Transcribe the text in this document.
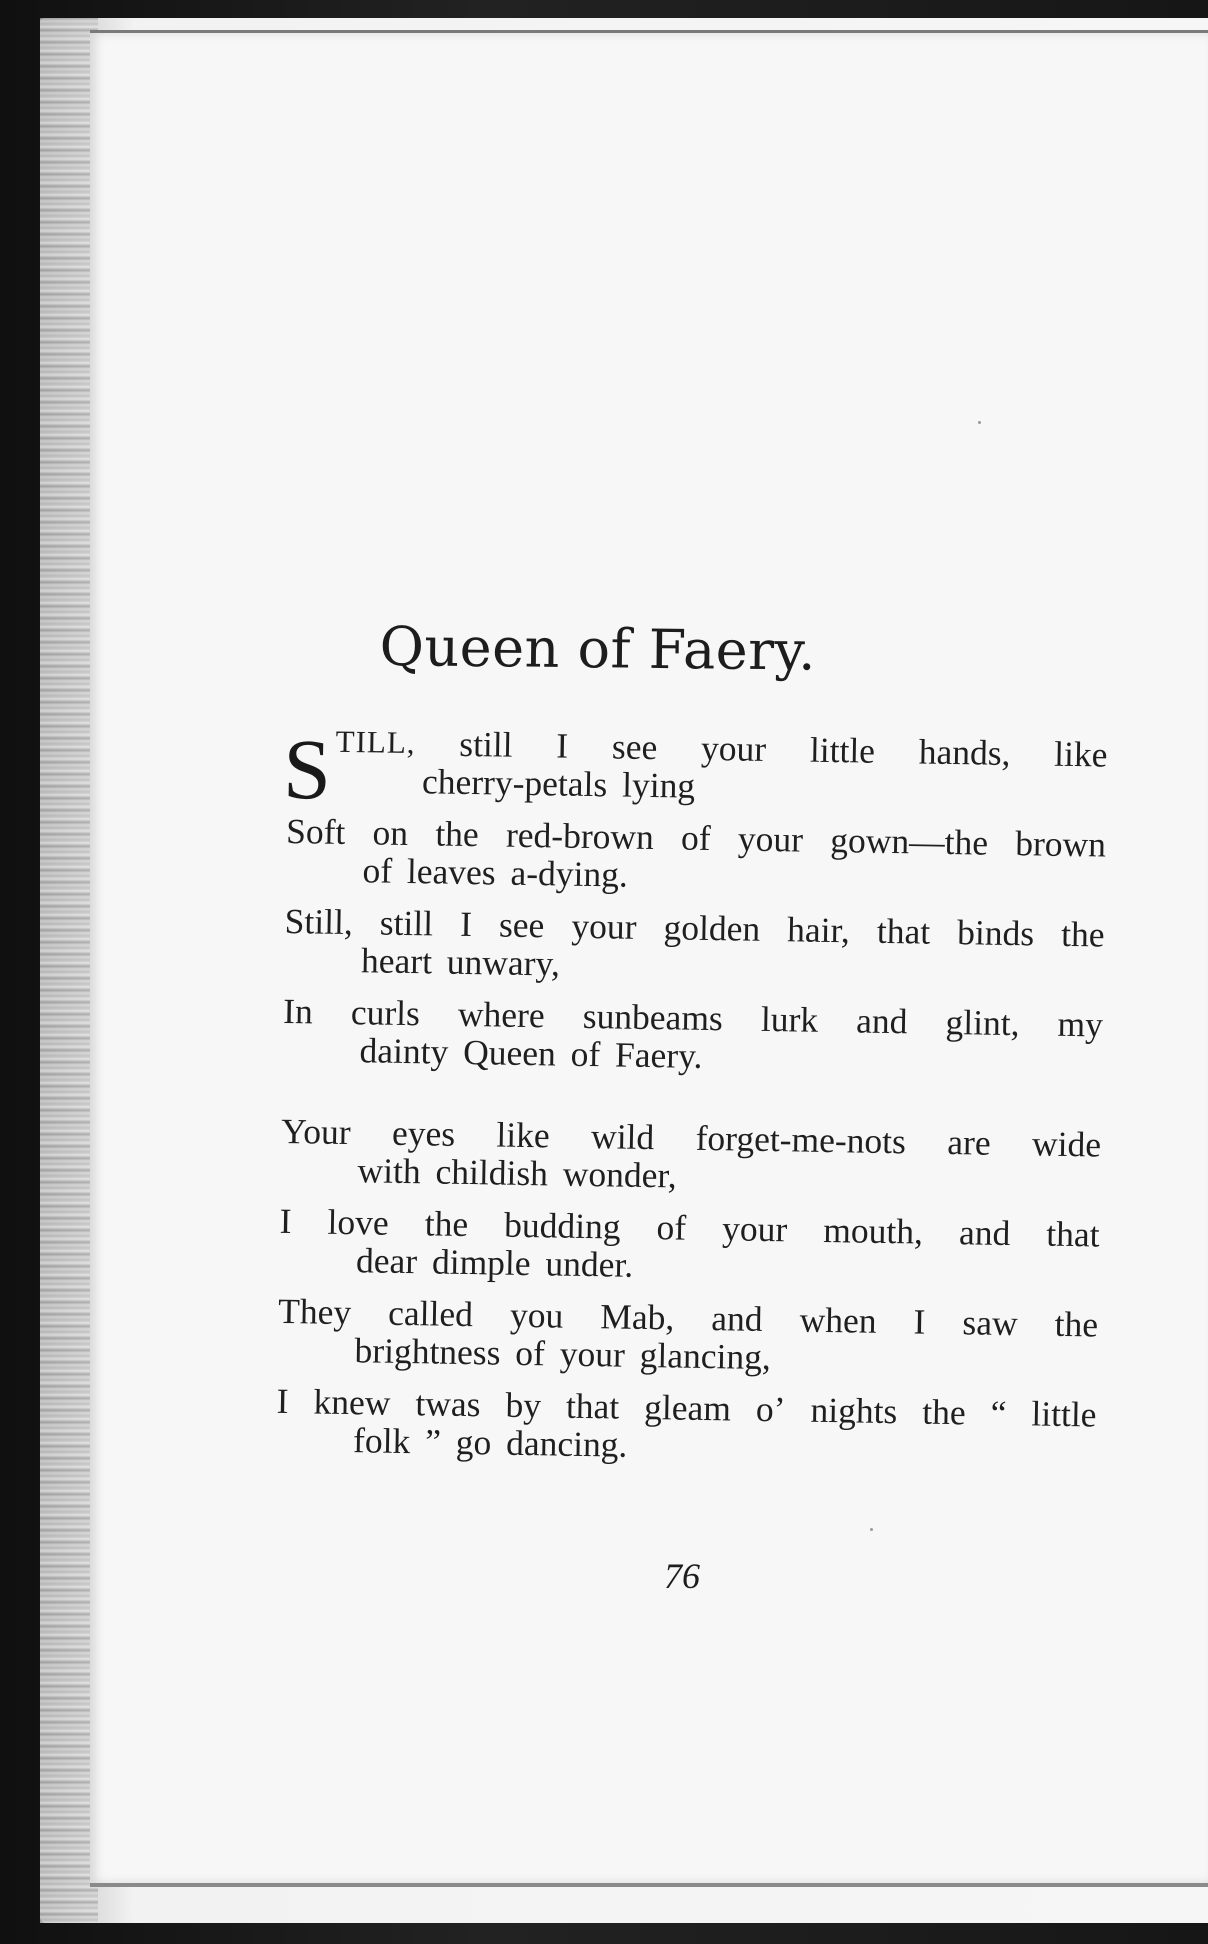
Queen of Faery.
S TILL, still I see your little hands, like
cherry-petals lying
Soft on the red-brown of your gown—the brown
of leaves a-dying.
Still, still I see your golden hair, that binds the
heart unwary,
In curls where sunbeams lurk and glint, my
dainty Queen of Faery.
Your eyes like wild forget-me-nots are wide
with childish wonder,
I love the budding of your mouth, and that
dear dimple under.
They called you Mab, and when I saw the
brightness of your glancing,
I knew twas by that gleam o’ nights the “ little
folk ” go dancing.
76
